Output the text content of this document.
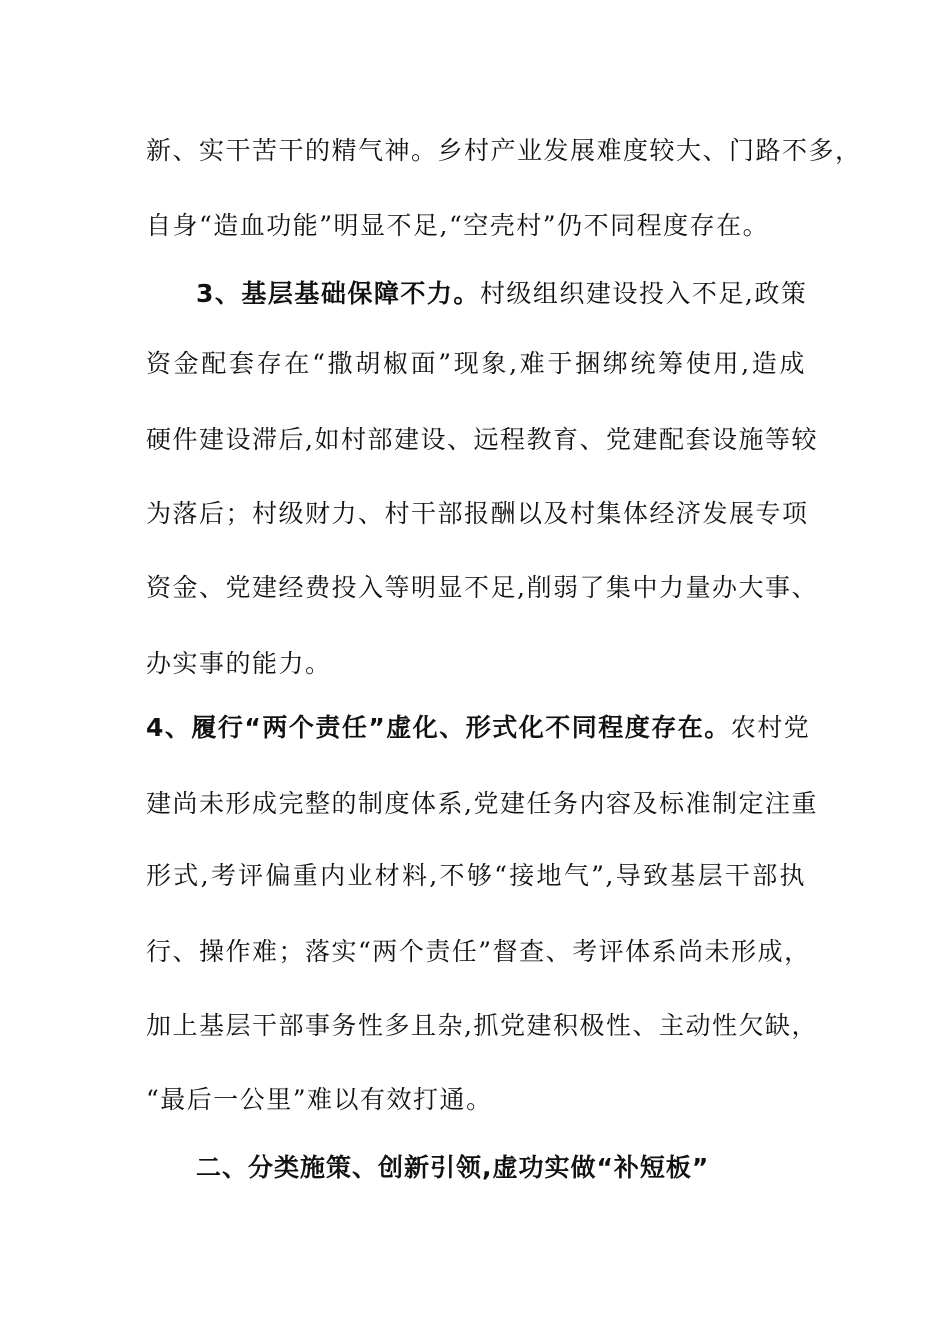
新、实干苦干的精气神。乡村产业发展难度较大、门路不多，
自身“造血功能”明显不足,“空壳村”仍不同程度存在。
3、基层基础保障不力。村级组织建设投入不足,政策
资金配套存在“撒胡椒面”现象,难于捆绑统筹使用,造成
硬件建设滞后,如村部建设、远程教育、党建配套设施等较
为落后；村级财力、村干部报酬以及村集体经济发展专项
资金、党建经费投入等明显不足,削弱了集中力量办大事、
办实事的能力。
4、履行“两个责任”虚化、形式化不同程度存在。农村党
建尚未形成完整的制度体系,党建任务内容及标准制定注重
形式,考评偏重内业材料,不够“接地气”,导致基层干部执
行、操作难；落实“两个责任”督查、考评体系尚未形成，
加上基层干部事务性多且杂,抓党建积极性、主动性欠缺，
“最后一公里”难以有效打通。
二、分类施策、创新引领,虚功实做“补短板”
